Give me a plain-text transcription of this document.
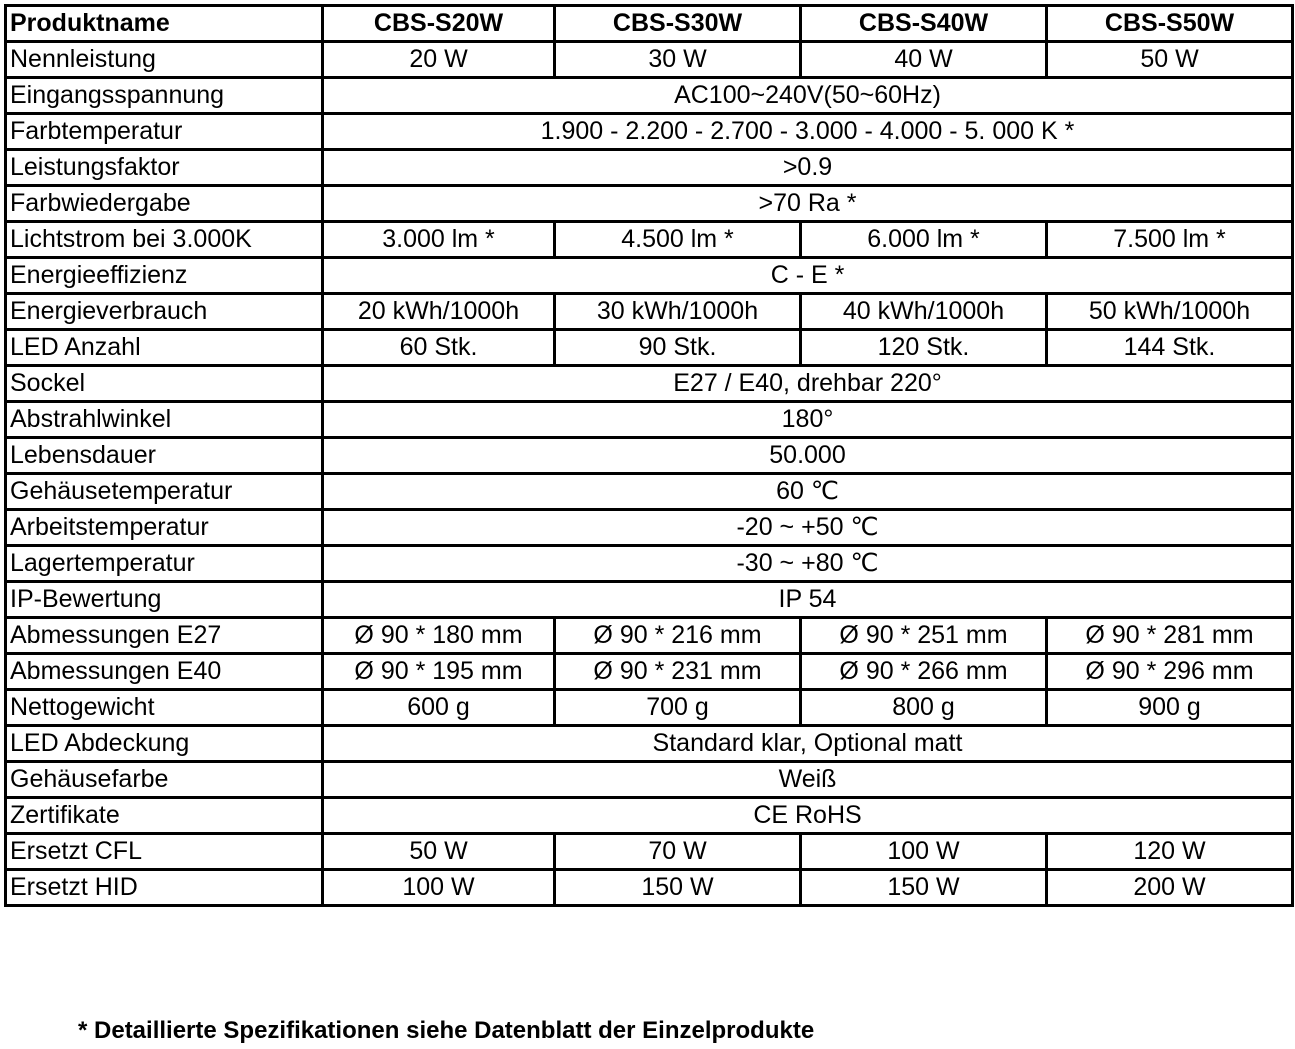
Produktname	CBS-S20W	CBS-S30W	CBS-S40W	CBS-S50W
Nennleistung	20 W	30 W	40 W	50 W
Eingangsspannung	AC100~240V(50~60Hz)			
Farbtemperatur	1.900 - 2.200 - 2.700 - 3.000 - 4.000 - 5. 000 K *			
Leistungsfaktor	>0.9			
Farbwiedergabe	>70 Ra *			
Lichtstrom bei 3.000K	3.000 lm *	4.500 lm *	6.000 lm *	7.500 lm *
Energieeffizienz	C - E *			
Energieverbrauch	20 kWh/1000h	30 kWh/1000h	40 kWh/1000h	50 kWh/1000h
LED Anzahl	60 Stk.	90 Stk.	120 Stk.	144 Stk.
Sockel	E27 / E40, drehbar 220°			
Abstrahlwinkel	180°			
Lebensdauer	50.000			
Gehäusetemperatur	60 ℃			
Arbeitstemperatur	-20 ~ +50 ℃			
Lagertemperatur	-30 ~ +80 ℃			
IP-Bewertung	IP 54			
Abmessungen E27	Ø 90 * 180 mm	Ø 90 * 216 mm	Ø 90 * 251 mm	Ø 90 * 281 mm
Abmessungen E40	Ø 90 * 195 mm	Ø 90 * 231 mm	Ø 90 * 266 mm	Ø 90 * 296 mm
Nettogewicht	600 g	700 g	800 g	900 g
LED Abdeckung	Standard klar, Optional matt			
Gehäusefarbe	Weiß			
Zertifikate	CE RoHS			
Ersetzt CFL	50 W	70 W	100 W	120 W
Ersetzt HID	100 W	150 W	150 W	200 W
* Detaillierte Spezifikationen siehe Datenblatt der Einzelprodukte
